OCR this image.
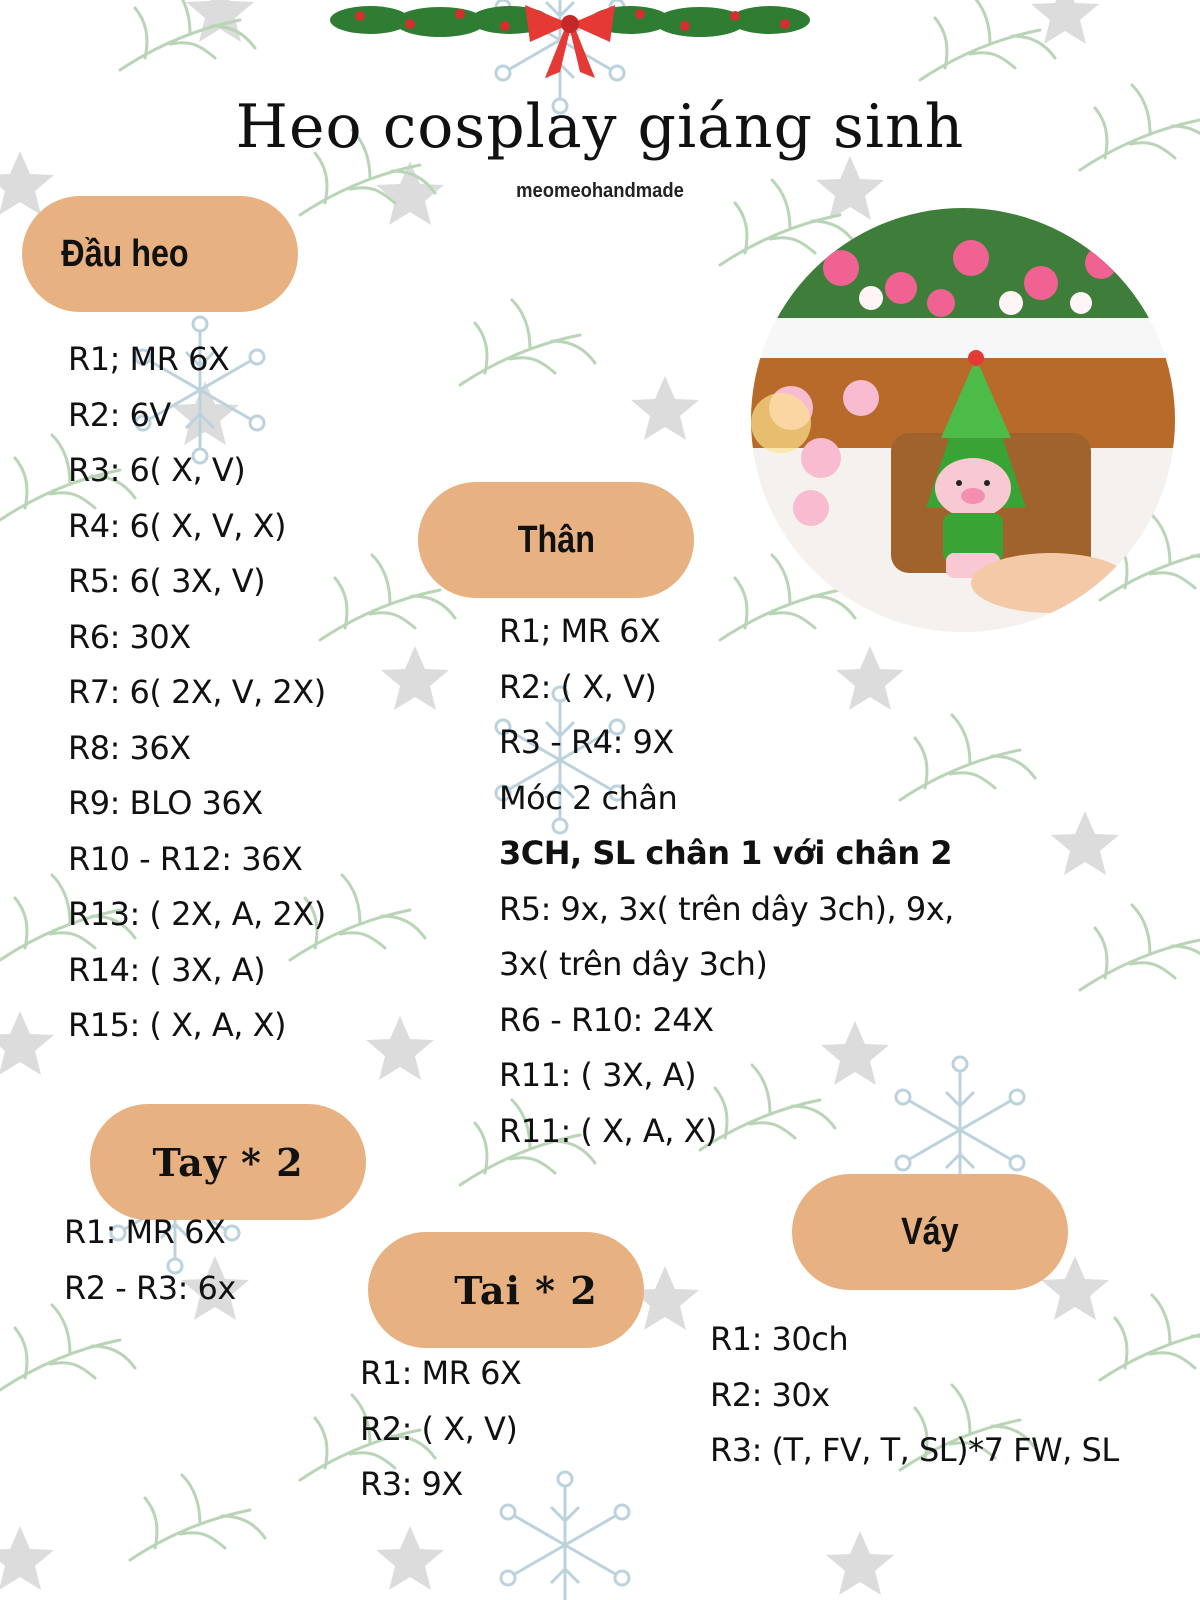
Heo cosplay giáng sinh
meomeohandmade
Đầu heo
R1; MR 6X
R2: 6V
R3: 6( X, V)
R4: 6( X, V, X)
R5: 6( 3X, V)
R6: 30X
R7: 6( 2X, V, 2X)
R8: 36X
R9: BLO 36X
R10 - R12: 36X
R13: ( 2X, A, 2X)
R14: ( 3X, A)
R15: ( X, A, X)
Thân
R1; MR 6X
R2: ( X, V)
R3 - R4: 9X
Móc 2 chân
3CH, SL chân 1 với chân 2
R5: 9x, 3x( trên dây 3ch), 9x,
3x( trên dây 3ch)
R6 - R10: 24X
R11: ( 3X, A)
R11: ( X, A, X)
Tay * 2
R1: MR 6X
R2 - R3: 6x	Tai * 2
R1: MR 6X
R2: ( X, V)
R3: 9X
Váy
R1: 30ch
R2: 30x
R3: (T, FV, T, SL)*7 FW, SL
